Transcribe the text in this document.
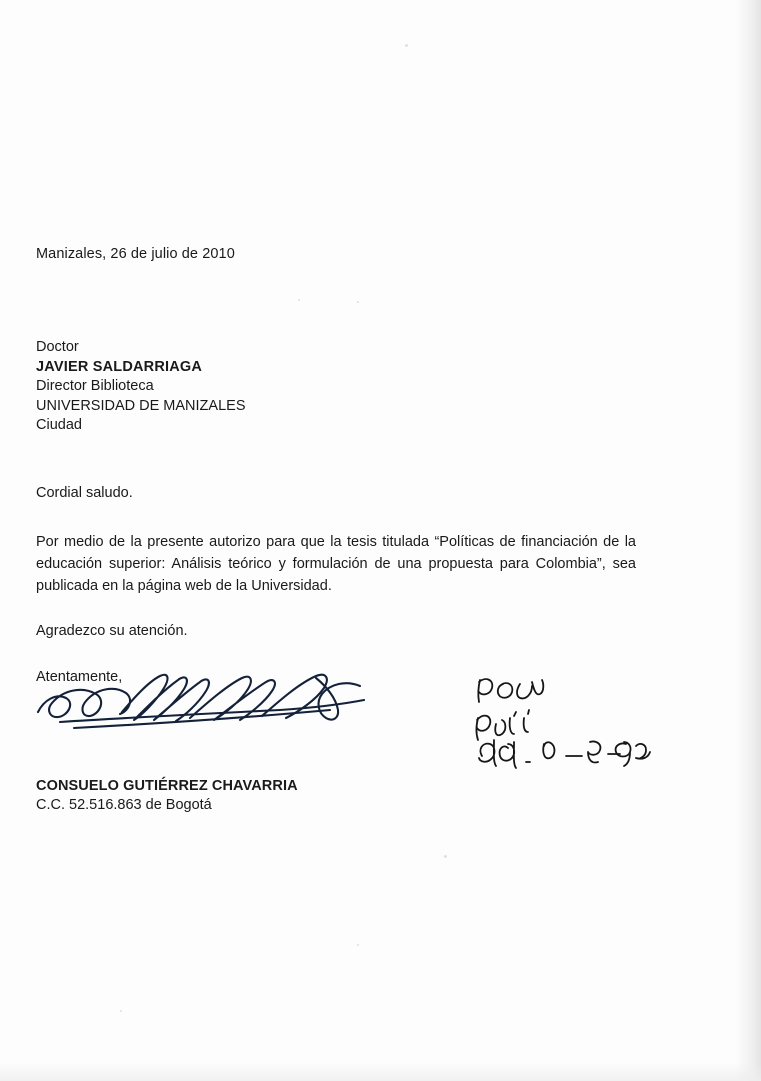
Manizales, 26 de julio de 2010
Doctor
JAVIER SALDARRIAGA
Director Biblioteca
UNIVERSIDAD DE MANIZALES
Ciudad
Cordial saludo.
Por medio de la presente autorizo para que la tesis titulada “Políticas de financiación de la educación superior: Análisis teórico y formulación de una propuesta para Colombia”, sea publicada en la página web de la Universidad.
Agradezco su atención.
Atentamente,
CONSUELO GUTIÉRREZ CHAVARRIA
C.C. 52.516.863 de Bogotá
